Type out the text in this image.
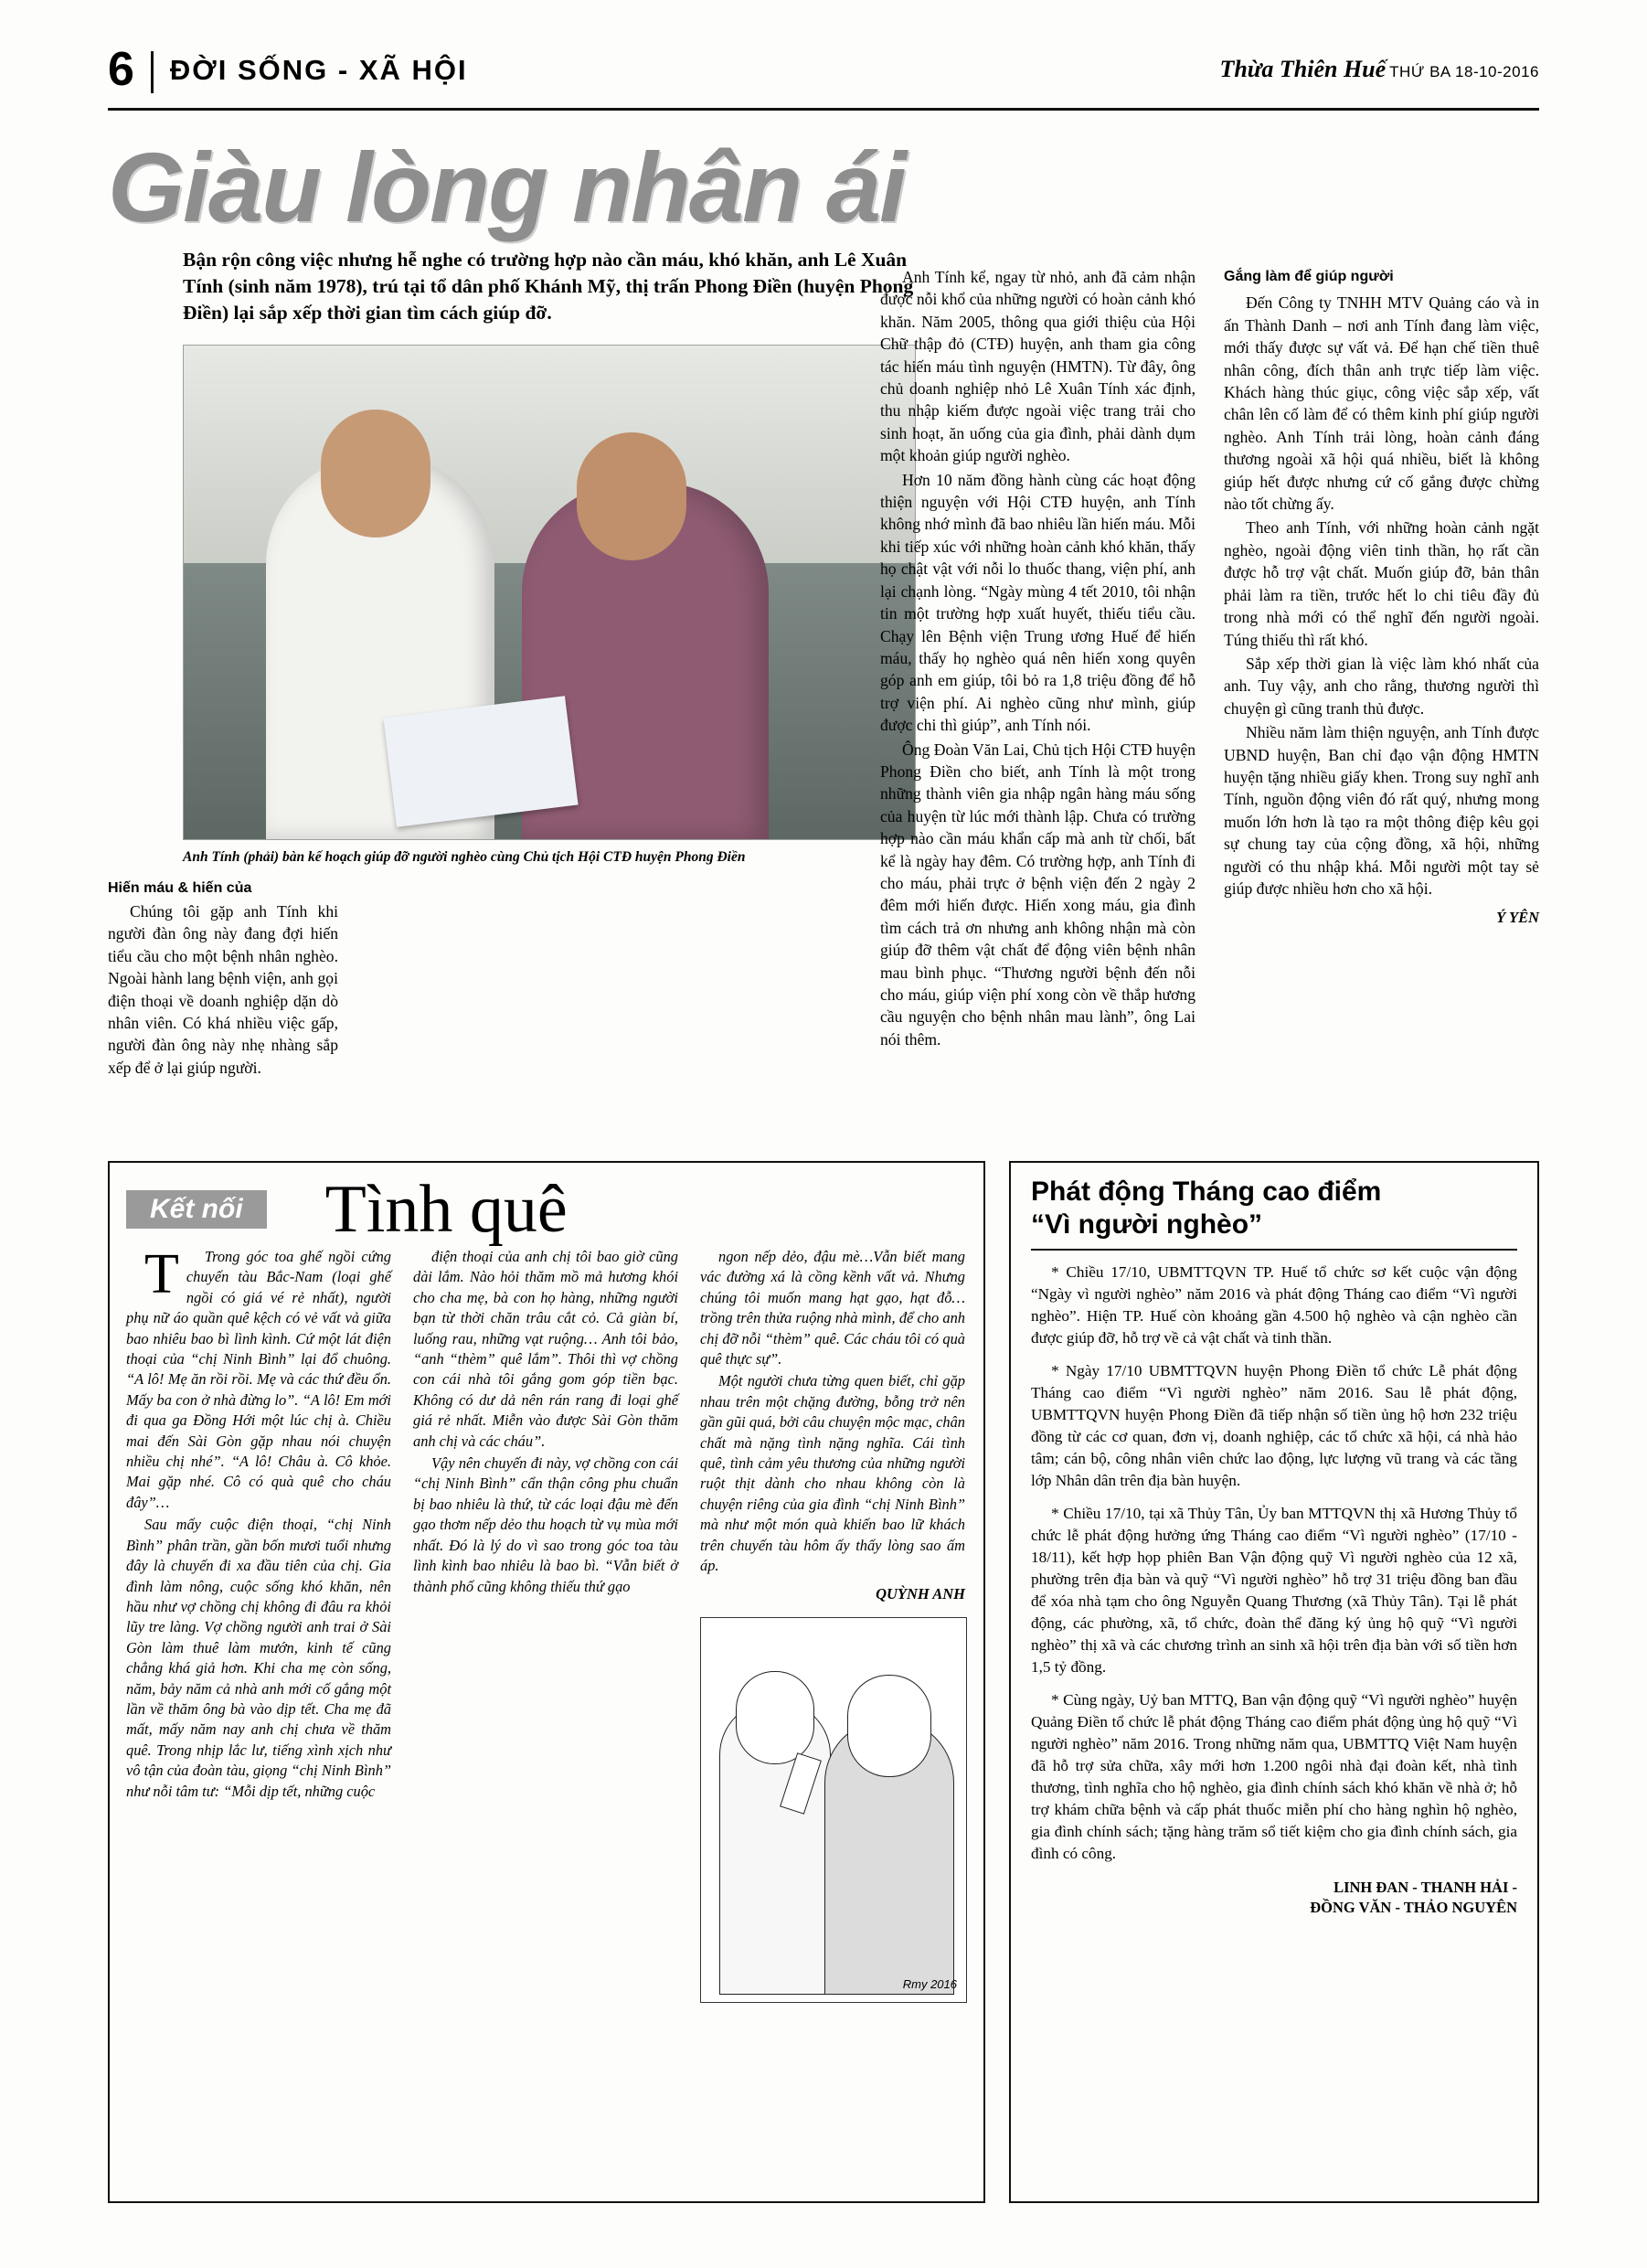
6 ĐỜI SỐNG - XÃ HỘI	Thừa Thiên Huế THỨ BA 18-10-2016
Giàu lòng nhân ái
Bận rộn công việc nhưng hễ nghe có trường hợp nào cần máu, khó khăn, anh Lê Xuân Tính (sinh năm 1978), trú tại tổ dân phố Khánh Mỹ, thị trấn Phong Điền (huyện Phong Điền) lại sắp xếp thời gian tìm cách giúp đỡ.
Anh Tính (phải) bàn kế hoạch giúp đỡ người nghèo cùng Chủ tịch Hội CTĐ huyện Phong Điền
Hiến máu & hiến của

Chúng tôi gặp anh Tính khi người đàn ông này đang đợi hiến tiểu cầu cho một bệnh nhân nghèo. Ngoài hành lang bệnh viện, anh gọi điện thoại về doanh nghiệp dặn dò nhân viên. Có khá nhiều việc gấp, người đàn ông này nhẹ nhàng sắp xếp để ở lại giúp người.

Anh Tính kể, ngay từ nhỏ, anh đã cảm nhận được nỗi khổ của những người có hoàn cảnh khó khăn. Năm 2005, thông qua giới thiệu của Hội Chữ thập đỏ (CTĐ) huyện, anh tham gia công tác hiến máu tình nguyện (HMTN). Từ đây, ông chủ doanh nghiệp nhỏ Lê Xuân Tính xác định, thu nhập kiếm được ngoài việc trang trải cho sinh hoạt, ăn uống của gia đình, phải dành dụm một khoản giúp người nghèo.

Hơn 10 năm đồng hành cùng các hoạt động thiện nguyện với Hội CTĐ huyện, anh Tính không nhớ mình đã bao nhiêu lần hiến máu. Mỗi khi tiếp xúc với những hoàn cảnh khó khăn, thấy họ chật vật với nỗi lo thuốc thang, viện phí, anh lại chạnh lòng. “Ngày mùng 4 tết 2010, tôi nhận tin một trường hợp xuất huyết, thiếu tiểu cầu. Chạy lên Bệnh viện Trung ương Huế để hiến máu, thấy họ nghèo quá nên hiến xong quyên góp anh em giúp, tôi bỏ ra 1,8 triệu đồng để hỗ trợ viện phí. Ai nghèo cũng như mình, giúp được chi thì giúp”, anh Tính nói.

Ông Đoàn Văn Lai, Chủ tịch Hội CTĐ huyện Phong Điền cho biết, anh Tính là một trong những thành viên gia nhập ngân hàng máu sống của huyện từ lúc mới thành lập. Chưa có trường hợp nào cần máu khẩn cấp mà anh từ chối, bất kể là ngày hay đêm. Có trường hợp, anh Tính đi cho máu, phải trực ở bệnh viện đến 2 ngày 2 đêm mới hiến được. Hiến xong máu, gia đình tìm cách trả ơn nhưng anh không nhận mà còn giúp đỡ thêm vật chất để động viên bệnh nhân mau bình phục. “Thương người bệnh đến nỗi cho máu, giúp viện phí xong còn về thắp hương cầu nguyện cho bệnh nhân mau lành”, ông Lai nói thêm.

Gắng làm để giúp người

Đến Công ty TNHH MTV Quảng cáo và in ấn Thành Danh – nơi anh Tính đang làm việc, mới thấy được sự vất vả. Để hạn chế tiền thuê nhân công, đích thân anh trực tiếp làm việc. Khách hàng thúc giục, công việc sắp xếp, vất chân lên cố làm để có thêm kinh phí giúp người nghèo. Anh Tính trải lòng, hoàn cảnh đáng thương ngoài xã hội quá nhiều, biết là không giúp hết được nhưng cứ cố gắng được chừng nào tốt chừng ấy.

Theo anh Tính, với những hoàn cảnh ngặt nghèo, ngoài động viên tinh thần, họ rất cần được hỗ trợ vật chất. Muốn giúp đỡ, bản thân phải làm ra tiền, trước hết lo chi tiêu đầy đủ trong nhà mới có thể nghĩ đến người ngoài. Túng thiếu thì rất khó.

Sắp xếp thời gian là việc làm khó nhất của anh. Tuy vậy, anh cho rằng, thương người thì chuyện gì cũng tranh thủ được.

Nhiều năm làm thiện nguyện, anh Tính được UBND huyện, Ban chỉ đạo vận động HMTN huyện tặng nhiều giấy khen. Trong suy nghĩ anh Tính, nguồn động viên đó rất quý, nhưng mong muốn lớn hơn là tạo ra một thông điệp kêu gọi sự chung tay của cộng đồng, xã hội, những người có thu nhập khá. Mỗi người một tay sẻ giúp được nhiều hơn cho xã hội.

Ý YÊN
Kết nối Tình quê

T	Trong góc toa ghế ngồi cứng chuyến tàu Bắc-Nam (loại ghế ngồi có giá vé rẻ nhất), người phụ nữ áo quần quê kệch có vẻ vất vả giữa bao nhiêu bao bì lình kình. Cứ một lát điện thoại của “chị Ninh Bình” lại đổ chuông. “A lô! Mẹ ăn rồi rồi. Mẹ và các thứ đều ổn. Mấy ba con ở nhà đừng lo”. “A lô! Em mới đi qua ga Đồng Hới một lúc chị à. Chiều mai đến Sài Gòn gặp nhau nói chuyện nhiều chị nhé”. “A lô! Châu à. Cô khỏe. Mai gặp nhé. Cô có quà quê cho cháu đây”…

Sau mấy cuộc điện thoại, “chị Ninh Bình” phân trần, gần bốn mươi tuổi nhưng đây là chuyến đi xa đầu tiên của chị. Gia đình làm nông, cuộc sống khó khăn, nên hầu như vợ chồng chị không đi đâu ra khỏi lũy tre làng. Vợ chồng người anh trai ở Sài Gòn làm thuê làm mướn, kinh tế cũng chẳng khá giả hơn. Khi cha mẹ còn sống, năm, bảy năm cả nhà anh mới cố gắng một lần về thăm ông bà vào dịp tết. Cha mẹ đã mất, mấy năm nay anh chị chưa về thăm quê. Trong nhịp lắc lư, tiếng xình xịch như vô tận của đoàn tàu, giọng “chị Ninh Bình” như nỗi tâm tư: “Mỗi dịp tết, những cuộc

điện thoại của anh chị tôi bao giờ cũng dài lắm. Nào hỏi thăm mồ mả hương khói cho cha mẹ, bà con họ hàng, những người bạn từ thời chăn trâu cắt cỏ. Cả giàn bí, luống rau, những vạt ruộng… Anh tôi bảo, “anh “thèm” quê lắm”. Thôi thì vợ chồng con cái nhà tôi gắng gom góp tiền bạc. Không có dư dả nên rán rang đi loại ghế giá rẻ nhất. Miễn vào được Sài Gòn thăm anh chị và các cháu”.

Vậy nên chuyến đi này, vợ chồng con cái “chị Ninh Bình” cẩn thận công phu chuẩn bị bao nhiêu là thứ, từ các loại đậu mè đến gạo thơm nếp dẻo thu hoạch từ vụ mùa mới nhất. Đó là lý do vì sao trong góc toa tàu lình kình bao nhiêu là bao bì. “Vẫn biết ở thành phố cũng không thiếu thứ gạo

ngon nếp dẻo, đậu mè…Vẫn biết mang vác đường xá là cồng kềnh vất vả. Nhưng chúng tôi muốn mang hạt gạo, hạt đỗ… trồng trên thửa ruộng nhà mình, để cho anh chị đỡ nỗi “thèm” quê. Các cháu tôi có quà quê thực sự”.

Một người chưa từng quen biết, chỉ gặp nhau trên một chặng đường, bỗng trở nên gần gũi quá, bởi câu chuyện mộc mạc, chân chất mà nặng tình nặng nghĩa. Cái tình quê, tình cảm yêu thương của những người ruột thịt dành cho nhau không còn là chuyện riêng của gia đình “chị Ninh Bình” mà như một món quà khiến bao lữ khách trên chuyến tàu hôm ấy thấy lòng sao ấm áp.

QUỲNH ANH
Rmy 2016
Phát động Tháng cao điểm
“Vì người nghèo”

* Chiều 17/10, UBMTTQVN TP. Huế tổ chức sơ kết cuộc vận động “Ngày vì người nghèo” năm 2016 và phát động Tháng cao điểm “Vì người nghèo”. Hiện TP. Huế còn khoảng gần 4.500 hộ nghèo và cận nghèo cần được giúp đỡ, hỗ trợ về cả vật chất và tinh thần.

* Ngày 17/10 UBMTTQVN huyện Phong Điền tổ chức Lễ phát động Tháng cao điểm “Vì người nghèo” năm 2016. Sau lễ phát động, UBMTTQVN huyện Phong Điền đã tiếp nhận số tiền ủng hộ hơn 232 triệu đồng từ các cơ quan, đơn vị, doanh nghiệp, các tổ chức xã hội, cá nhà hảo tâm; cán bộ, công nhân viên chức lao động, lực lượng vũ trang và các tầng lớp Nhân dân trên địa bàn huyện.

* Chiều 17/10, tại xã Thủy Tân, Ủy ban MTTQVN thị xã Hương Thủy tổ chức lễ phát động hưởng ứng Tháng cao điểm “Vì người nghèo” (17/10 - 18/11), kết hợp họp phiên Ban Vận động quỹ Vì người nghèo của 12 xã, phường trên địa bàn và quỹ “Vì người nghèo” hỗ trợ 31 triệu đồng ban đầu để xóa nhà tạm cho ông Nguyễn Quang Thương (xã Thủy Tân). Tại lễ phát động, các phường, xã, tổ chức, đoàn thể đăng ký ủng hộ quỹ “Vì người nghèo” thị xã và các chương trình an sinh xã hội trên địa bàn với số tiền hơn 1,5 tỷ đồng.

* Cùng ngày, Uỷ ban MTTQ, Ban vận động quỹ “Vì người nghèo” huyện Quảng Điền tổ chức lễ phát động Tháng cao điểm phát động ủng hộ quỹ “Vì người nghèo” năm 2016. Trong những năm qua, UBMTTQ Việt Nam huyện đã hỗ trợ sửa chữa, xây mới hơn 1.200 ngôi nhà đại đoàn kết, nhà tình thương, tình nghĩa cho hộ nghèo, gia đình chính sách khó khăn về nhà ở; hỗ trợ khám chữa bệnh và cấp phát thuốc miễn phí cho hàng nghìn hộ nghèo, gia đình chính sách; tặng hàng trăm sổ tiết kiệm cho gia đình chính sách, gia đình có công.

LINH ĐAN - THANH HẢI -
ĐỒNG VĂN - THẢO NGUYÊN
